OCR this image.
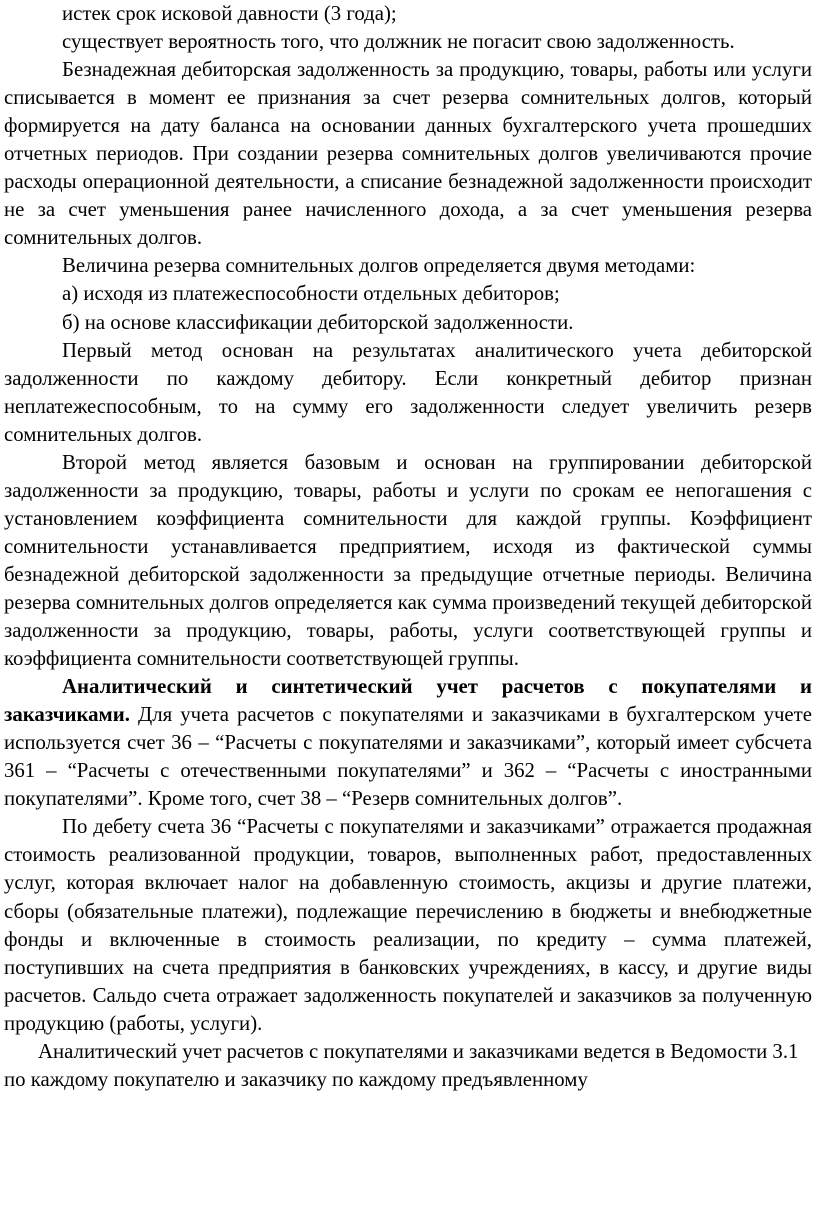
истек срок исковой давности (3 года);

существует вероятность того, что должник не погасит свою задолженность.

Безнадежная дебиторская задолженность за продукцию, товары, работы или услуги списывается в момент ее признания за счет резерва сомнительных долгов, который формируется на дату баланса на основании данных бухгалтерского учета прошедших отчетных периодов. При создании резерва сомнительных долгов увеличиваются прочие расходы операционной деятельности, а списание безнадежной задолженности происходит не за счет уменьшения ранее начисленного дохода, а за счет уменьшения резерва сомнительных долгов.

Величина резерва сомнительных долгов определяется двумя методами:

а) исходя из платежеспособности отдельных дебиторов;

б) на основе классификации дебиторской задолженности.

Первый метод основан на результатах аналитического учета дебиторской задолженности по каждому дебитору. Если конкретный дебитор признан неплатежеспособным, то на сумму его задолженности следует увеличить резерв сомнительных долгов.

Второй метод является базовым и основан на группировании дебиторской задолженности за продукцию, товары, работы и услуги по срокам ее непогашения с установлением коэффициента сомнительности для каждой группы. Коэффициент сомнительности устанавливается предприятием, исходя из фактической суммы безнадежной дебиторской задолженности за предыдущие отчетные периоды. Величина резерва сомнительных долгов определяется как сумма произведений текущей дебиторской задолженности за продукцию, товары, работы, услуги соответствующей группы и коэффициента сомнительности соответствующей группы.

Аналитический и синтетический учет расчетов с покупателями и заказчиками. Для учета расчетов с покупателями и заказчиками в бухгалтерском учете используется счет 36 – “Расчеты с покупателями и заказчиками”, который имеет субсчета 361 – “Расчеты с отечественными покупателями” и 362 – “Расчеты с иностранными покупателями”. Кроме того, счет 38 – “Резерв сомнительных долгов”.

По дебету счета 36 “Расчеты с покупателями и заказчиками” отражается продажная стоимость реализованной продукции, товаров, выполненных работ, предоставленных услуг, которая включает налог на добавленную стоимость, акцизы и другие платежи, сборы (обязательные платежи), подлежащие перечислению в бюджеты и внебюджетные фонды и включенные в стоимость реализации, по кредиту – сумма платежей, поступивших на счета предприятия в банковских учреждениях, в кассу, и другие виды расчетов. Сальдо счета отражает задолженность покупателей и заказчиков за полученную продукцию (работы, услуги).

Аналитический учет расчетов с покупателями и заказчиками ведется в Ведомости 3.1 по каждому покупателю и заказчику по каждому предъявленному
